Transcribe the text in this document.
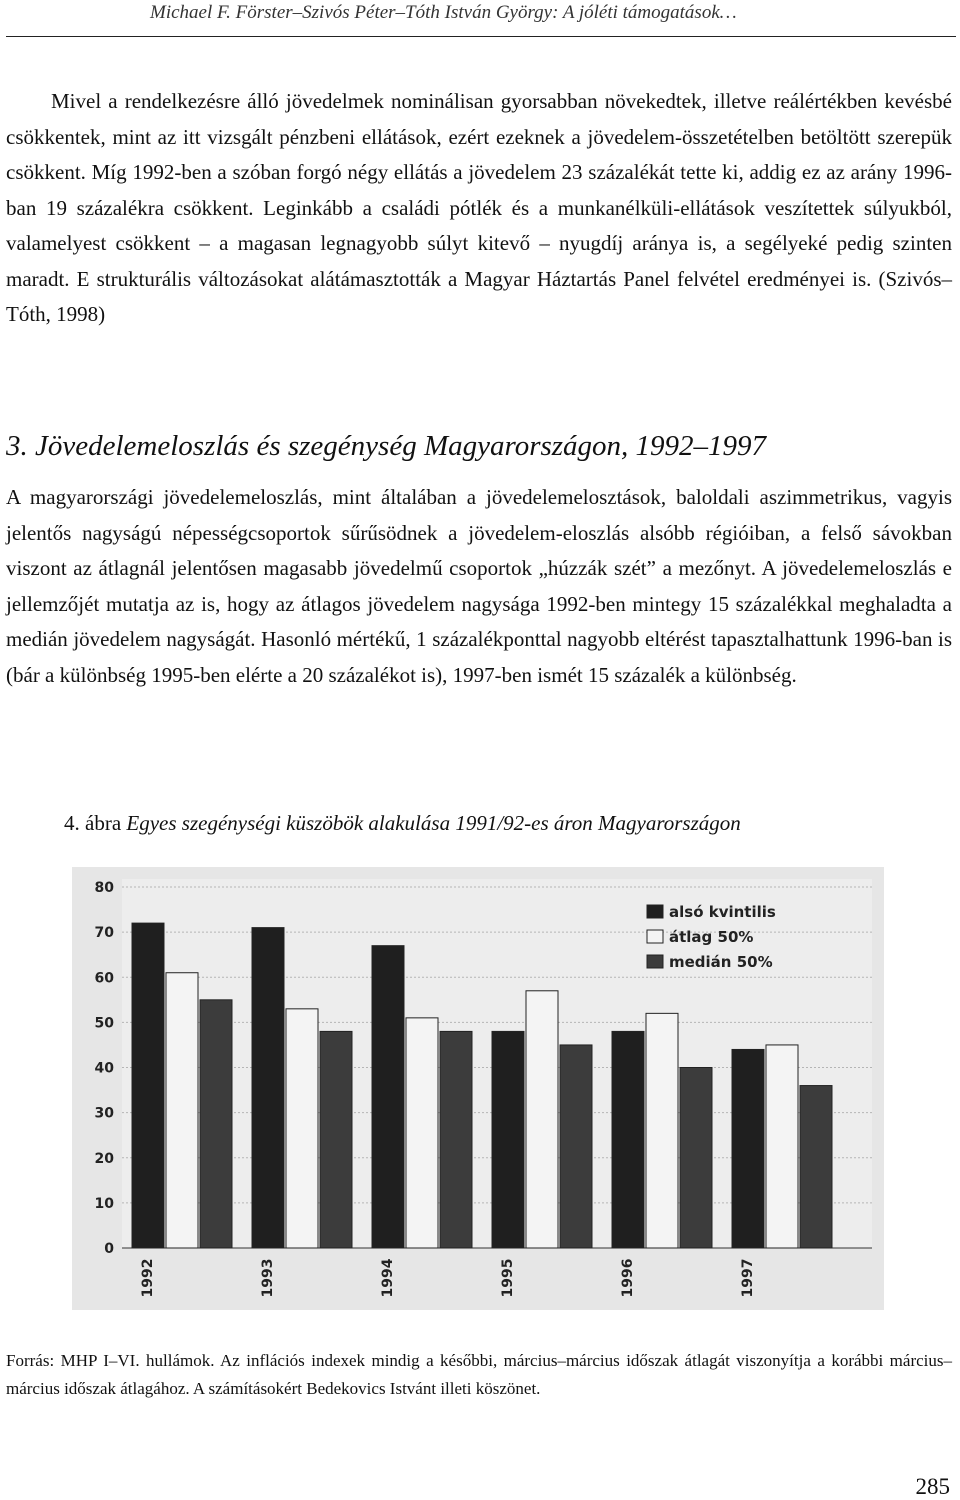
Michael F. Förster–Szivós Péter–Tóth István György: A jóléti támogatások…

Mivel a rendelkezésre álló jövedelmek nominálisan gyorsabban növekedtek, illetve reálértékben kevésbé csökkentek, mint az itt vizsgált pénzbeni ellátások, ezért ezeknek a jövedelem-összetételben betöltött szerepük csökkent. Míg 1992-ben a szóban forgó négy ellátás a jövedelem 23 százalékát tette ki, addig ez az arány 1996-ban 19 százalékra csökkent. Leginkább a családi pótlék és a munkanélküli-ellátások veszítettek súlyukból, valamelyest csökkent – a magasan legnagyobb súlyt kitevő – nyugdíj aránya is, a segélyeké pedig szinten maradt. E strukturális változásokat alátámasztották a Magyar Háztartás Panel felvétel eredményei is. (Szivós–Tóth, 1998)

3. Jövedelemeloszlás és szegénység Magyarországon, 1992–1997

A magyarországi jövedelemeloszlás, mint általában a jövedelemelosztások, baloldali aszimmetrikus, vagyis jelentős nagyságú népességcsoportok sűrűsödnek a jövedelem-eloszlás alsóbb régióiban, a felső sávokban viszont az átlagnál jelentősen magasabb jövedelmű csoportok „húzzák szét” a mezőnyt. A jövedelemeloszlás e jellemzőjét mutatja az is, hogy az átlagos jövedelem nagysága 1992-ben mintegy 15 százalékkal meghaladta a medián jövedelem nagyságát. Hasonló mértékű, 1 százalékponttal nagyobb eltérést tapasztalhattunk 1996-ban is (bár a különbség 1995-ben elérte a 20 százalékot is), 1997-ben ismét 15 százalék a különbség.

4. ábra Egyes szegénységi küszöbök alakulása 1991/92-es áron Magyarországon
0
10
20
30
40
50
60
70
80
1992	1993	1994	1995	1996	1997
alsó kvintilis
átlag 50%
medián 50%

Forrás: MHP I–VI. hullámok. Az inflációs indexek mindig a későbbi, március–március időszak átlagát viszonyítja a korábbi március–március időszak átlagához. A számításokért Bedekovics Istvánt illeti köszönet.

285
